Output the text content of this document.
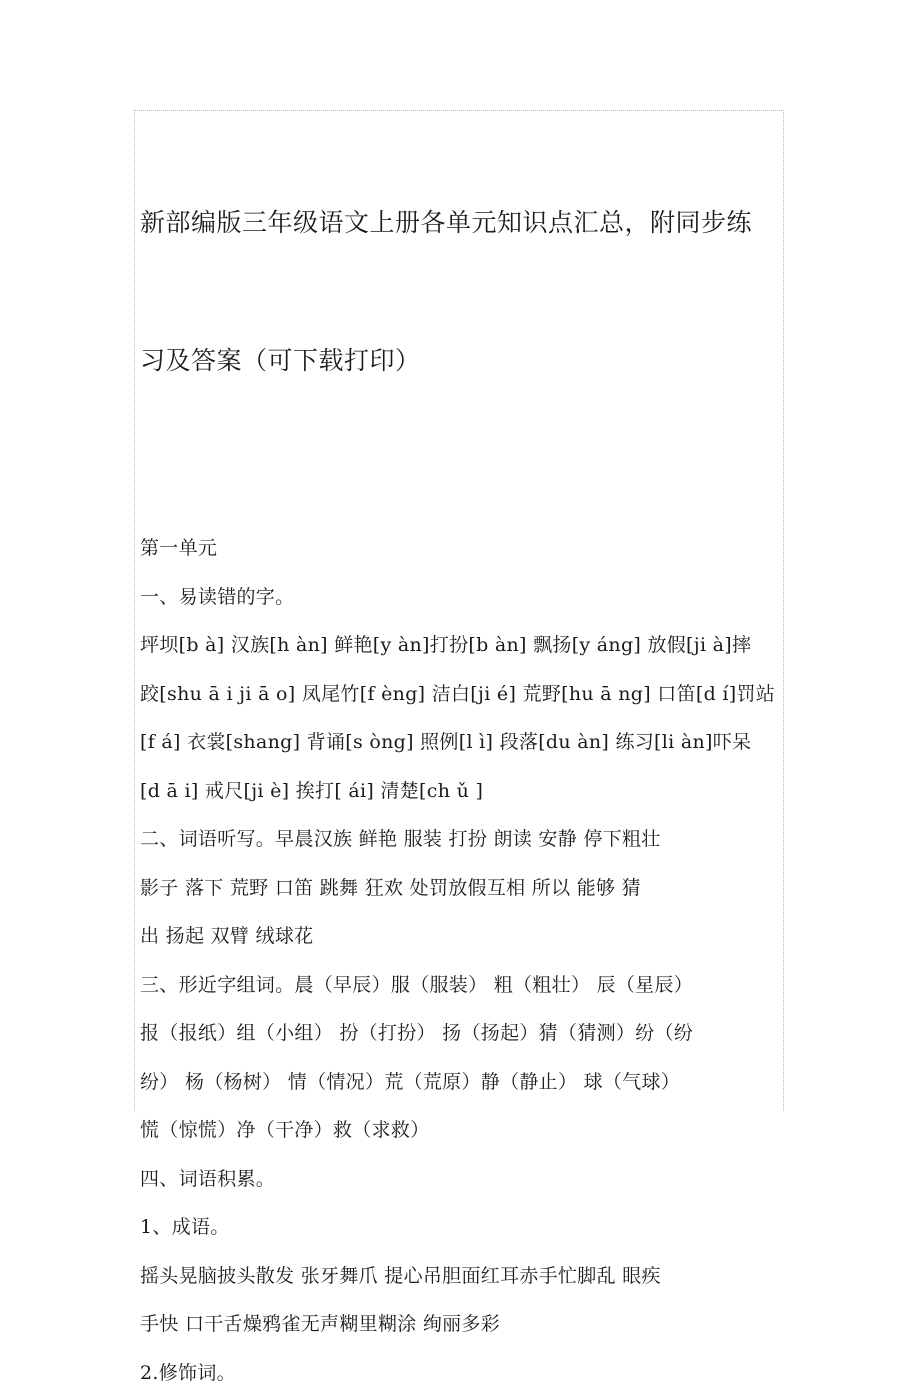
新部编版三年级语文上册各单元知识点汇总，附同步练

习及答案（可下载打印）

第一单元
一、易读错的字。
坪坝[b à] 汉族[h àn] 鲜艳[y àn]打扮[b àn] 飘扬[y áng] 放假[ji à]摔
跤[shu ā i ji ā o] 凤尾竹[f èng] 洁白[ji é] 荒野[hu ā ng] 口笛[d í]罚站
[f á] 衣裳[shang] 背诵[s òng] 照例[l ì] 段落[du àn] 练习[li àn]吓呆
[d ā i] 戒尺[ji è] 挨打[ ái] 清楚[ch ǔ ]
二、词语听写。早晨汉族 鲜艳 服装 打扮 朗读 安静 停下粗壮
影子 落下 荒野 口笛 跳舞 狂欢 处罚放假互相 所以 能够 猜
出 扬起 双臂 绒球花
三、形近字组词。晨（早辰）服（服装） 粗（粗壮） 辰（星辰）
报（报纸）组（小组） 扮（打扮） 扬（扬起）猜（猜测）纷（纷
纷） 杨（杨树） 情（情况）荒（荒原）静（静止） 球（气球）
慌（惊慌）净（干净）救（求救）
四、词语积累。
1、成语。
摇头晃脑披头散发 张牙舞爪 提心吊胆面红耳赤手忙脚乱 眼疾
手快 口干舌燥鸦雀无声糊里糊涂 绚丽多彩
2.修饰词。
